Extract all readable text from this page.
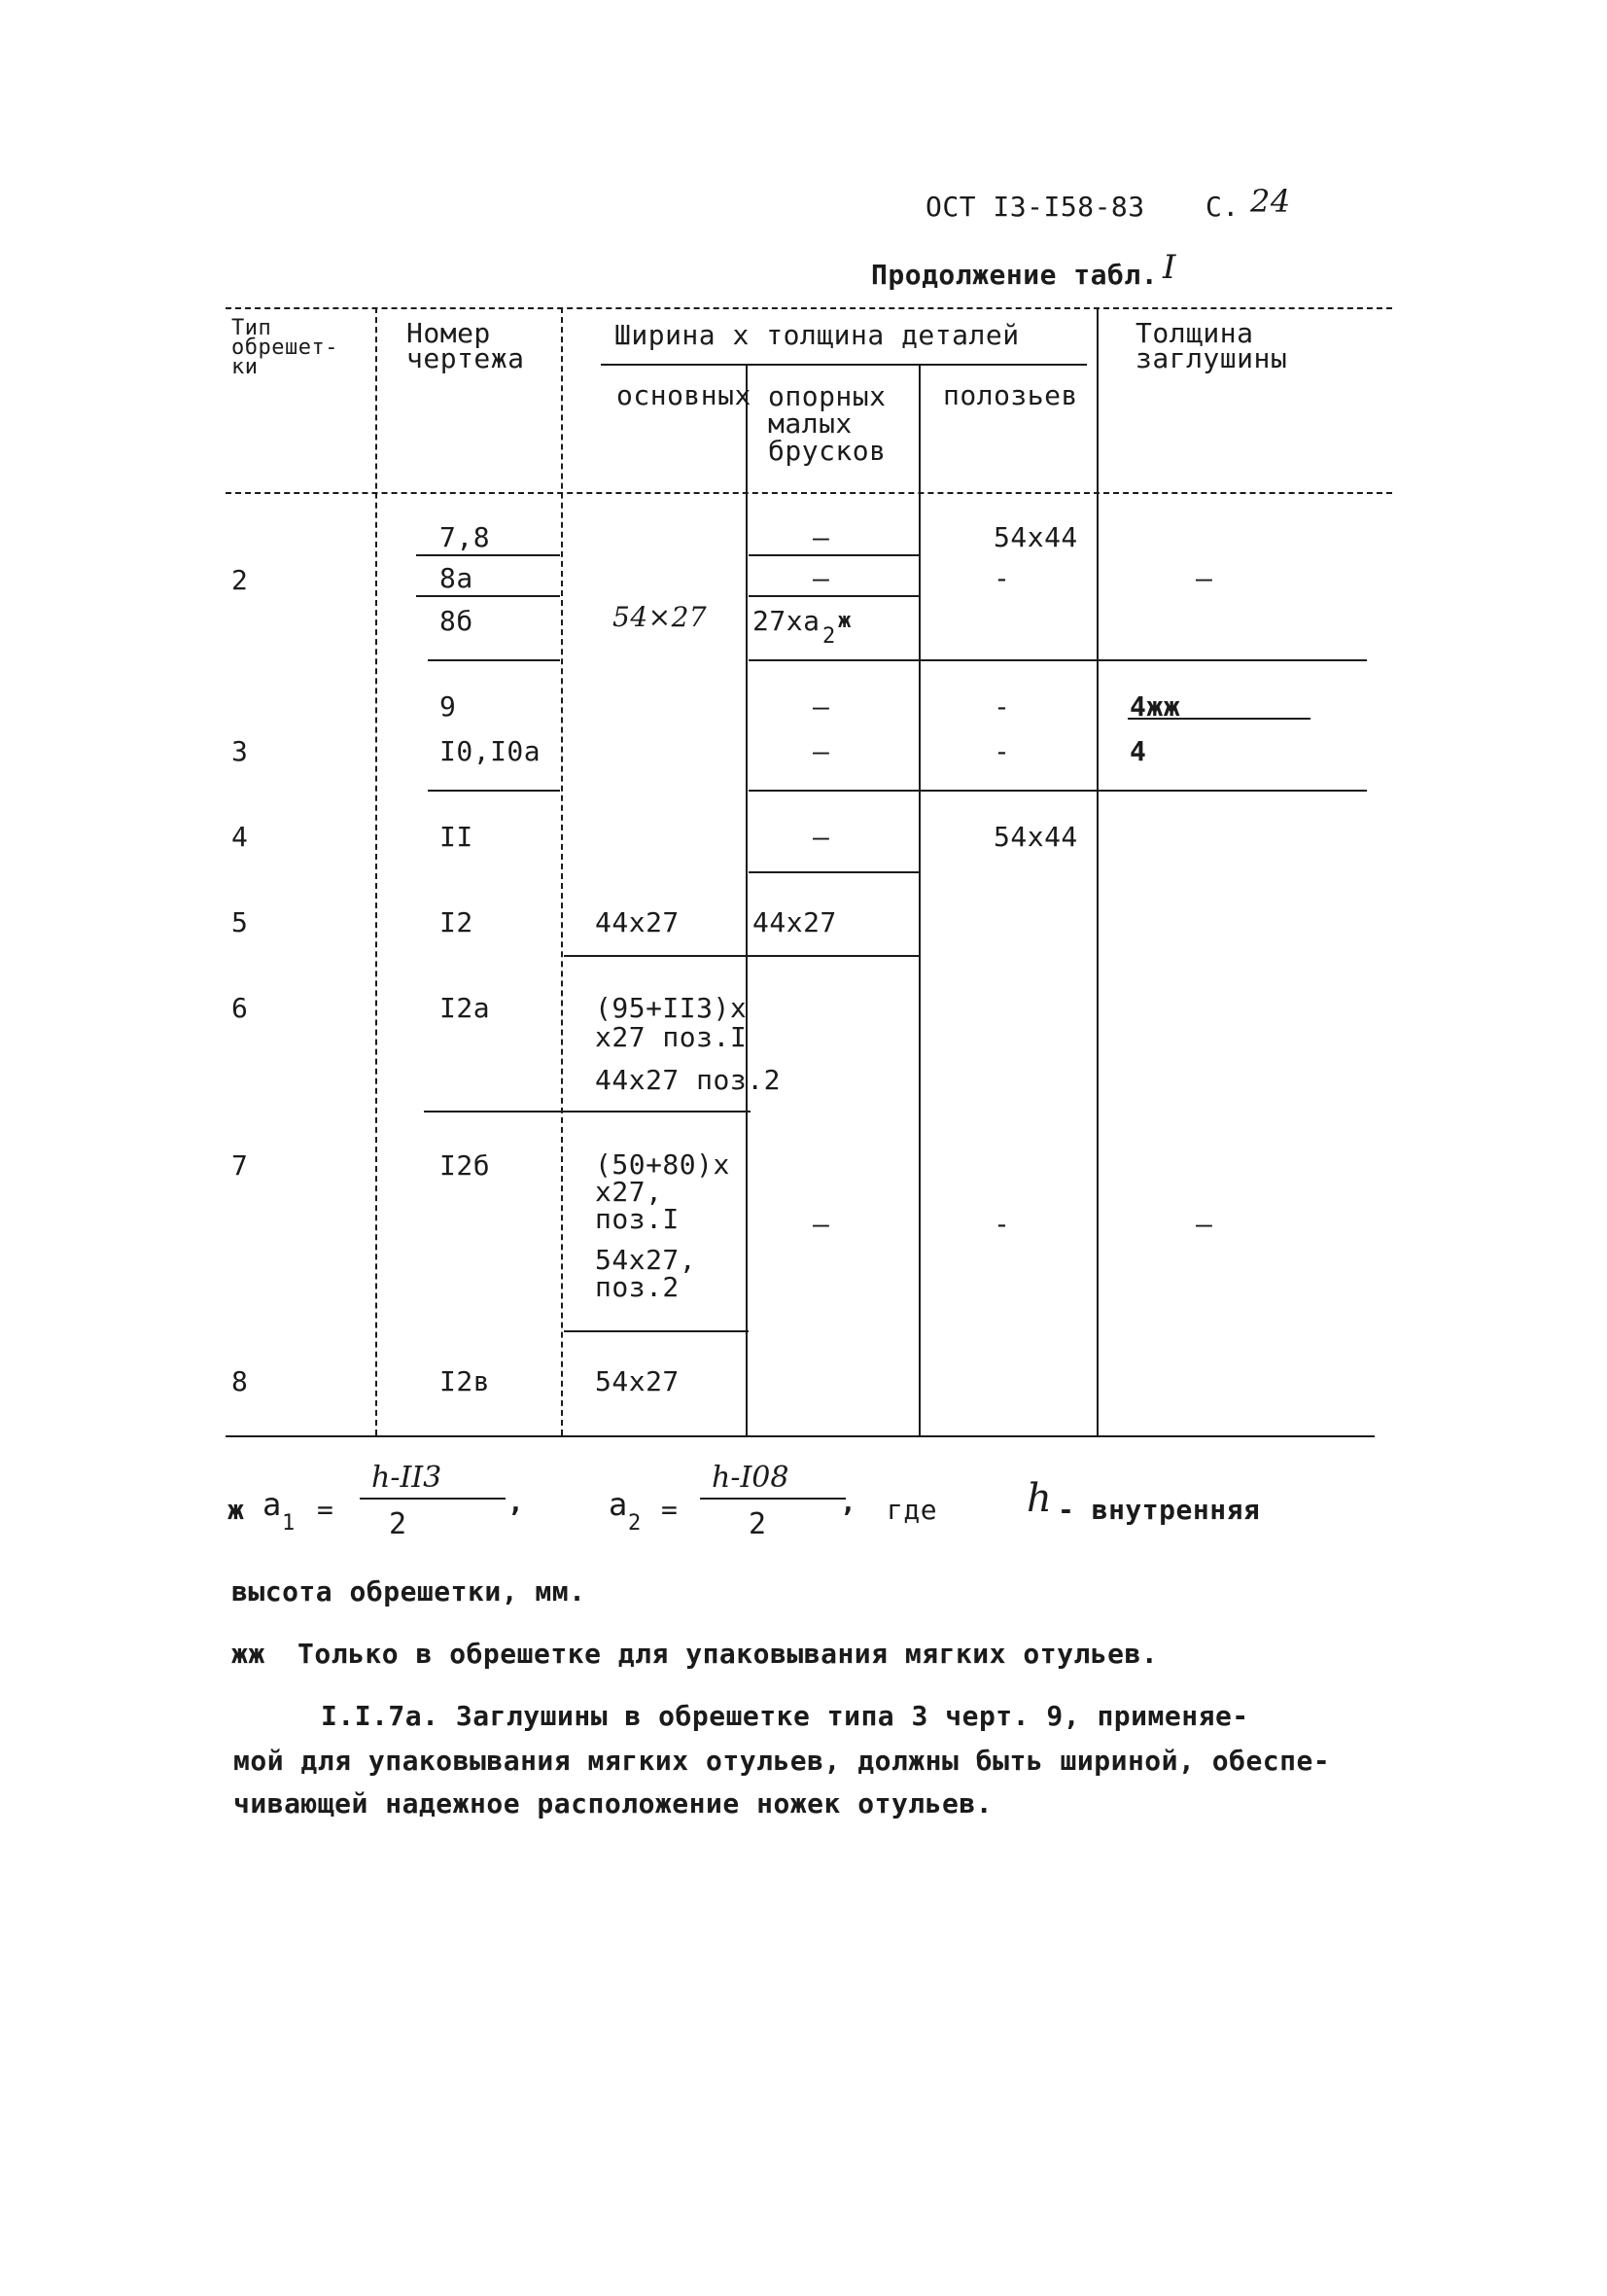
ОСТ I3-I58-83 С. 24
Продолжение табл. I
Тип
обрешет-
ки
Номер
чертежа
Ширина х толщина деталей
основных опорных
малых
брусков
полозьев
Толщина
заглушины
2
3
4
5
6
7
8
7,8
8а
8б
9
I0,I0а
II
I2
I2а
I2б
I2в
54×27
44х27
(95+II3)х
х27 поз.I
44х27 поз.2
(50+80)х
х27,
поз.I
54х27,
поз.2
54х27
—
—
27ха 2
ж
—
—
—
44х27
—
54х44
-
-
-
54х44
-
—
4жж
4
—
ж а
1 =
h-II3
2
,	а
2 =
h-I08
2
, где h - внутренняя
высота обрешетки, мм.
жж Только в обрешетке для упаковывания мягких отульев.
I.I.7а. Заглушины в обрешетке типа 3 черт. 9, применяе-
мой для упаковывания мягких отульев, должны быть шириной, обеспе-
чивающей надежное расположение ножек отульев.
